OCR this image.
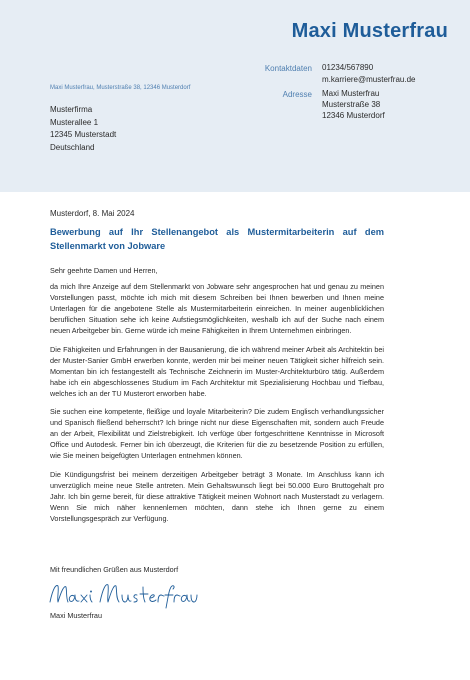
Maxi Musterfrau
Kontaktdaten 01234/567890
m.karriere@musterfrau.de
Adresse Maxi Musterfrau
Musterstraße 38
12346 Musterdorf
Maxi Musterfrau, Musterstraße 38, 12346 Musterdorf
Musterfirma
Musterallee 1
12345 Musterstadt
Deutschland
Musterdorf, 8. Mai 2024
Bewerbung auf Ihr Stellenangebot als Mustermitarbeiterin auf dem Stellenmarkt von Jobware

Sehr geehrte Damen und Herren,

da mich Ihre Anzeige auf dem Stellenmarkt von Jobware sehr angesprochen hat und genau zu meinen Vorstellungen passt, möchte ich mich mit diesem Schreiben bei Ihnen bewerben und Ihnen meine Unterlagen für die angebotene Stelle als Mustermitarbeiterin einreichen. In meiner augenblicklichen beruflichen Situation sehe ich keine Aufstiegsmöglichkeiten, weshalb ich auf der Suche nach einem neuen Arbeitgeber bin. Gerne würde ich meine Fähigkeiten in Ihrem Unternehmen einbringen.

Die Fähigkeiten und Erfahrungen in der Bausanierung, die ich während meiner Arbeit als Architektin bei der Muster-Sanier GmbH erwerben konnte, werden mir bei meiner neuen Tätigkeit sicher hilfreich sein. Momentan bin ich festangestellt als Technische Zeichnerin im Muster-Architekturbüro tätig. Außerdem habe ich ein abgeschlossenes Studium im Fach Architektur mit Spezialisierung Hochbau und Tiefbau, welches ich an der TU Musterort erworben habe.

Sie suchen eine kompetente, fleißige und loyale Mitarbeiterin? Die zudem Englisch verhandlungssicher und Spanisch fließend beherrscht? Ich bringe nicht nur diese Eigenschaften mit, sondern auch Freude an der Arbeit, Flexibilität und Zielstrebigkeit. Ich verfüge über fortgeschrittene Kenntnisse in Microsoft Office und Autodesk. Ferner bin ich überzeugt, die Kriterien für die zu besetzende Position zu erfüllen, wie Sie meinen beigefügten Unterlagen entnehmen können.

Die Kündigungsfrist bei meinem derzeitigen Arbeitgeber beträgt 3 Monate. Im Anschluss kann ich unverzüglich meine neue Stelle antreten. Mein Gehaltswunsch liegt bei 50.000 Euro Bruttogehalt pro Jahr. Ich bin gerne bereit, für diese attraktive Tätigkeit meinen Wohnort nach Musterstadt zu verlagern. Wenn Sie mich näher kennenlernen möchten, dann stehe ich Ihnen gerne zu einem Vorstellungsgespräch zur Verfügung.

Mit freundlichen Grüßen aus Musterdorf
Maxi Musterfrau
